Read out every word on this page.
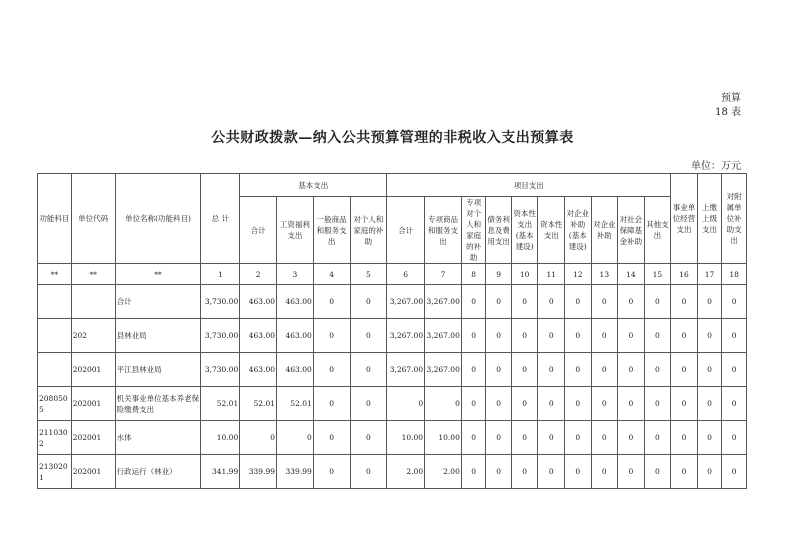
预算
18 表
公共财政拨款—纳入公共预算管理的非税收入支出预算表
单位：万元
功能科目	单位代码	单位名称(功能科目)	总 计	基本支出				项目支出										事业单位经营支出	上缴上级支出	对附属单位补助支出
				合计	工资福利支出	一般商品和服务支出	对个人和家庭的补助	合计	专项商品和服务支出	专项对个人和家庭的补助	债务利息及费用支出	资本性支出(基本建设)	资本性支出	对企业补助(基本建设)	对企业补助	对社会保障基金补助	其他支出			
**	**	**	1	2	3	4	5	6	7	8	9	10	11	12	13	14	15	16	17	18
		合计	3,730.00	463.00	463.00	0	0	3,267.00	3,267.00	0	0	0	0	0	0	0	0	0	0	0
	202	县林业局	3,730.00	463.00	463.00	0	0	3,267.00	3,267.00	0	0	0	0	0	0	0	0	0	0	0
	202001	平江县林业局	3,730.00	463.00	463.00	0	0	3,267.00	3,267.00	0	0	0	0	0	0	0	0	0	0	0
2080505	202001	机关事业单位基本养老保险缴费支出	52.01	52.01	52.01	0	0	0	0	0	0	0	0	0	0	0	0	0	0	0
2110302	202001	水体	10.00	0	0	0	0	10.00	10.00	0	0	0	0	0	0	0	0	0	0	0
2130201	202001	行政运行（林业）	341.99	339.99	339.99	0	0	2.00	2.00	0	0	0	0	0	0	0	0	0	0	0
